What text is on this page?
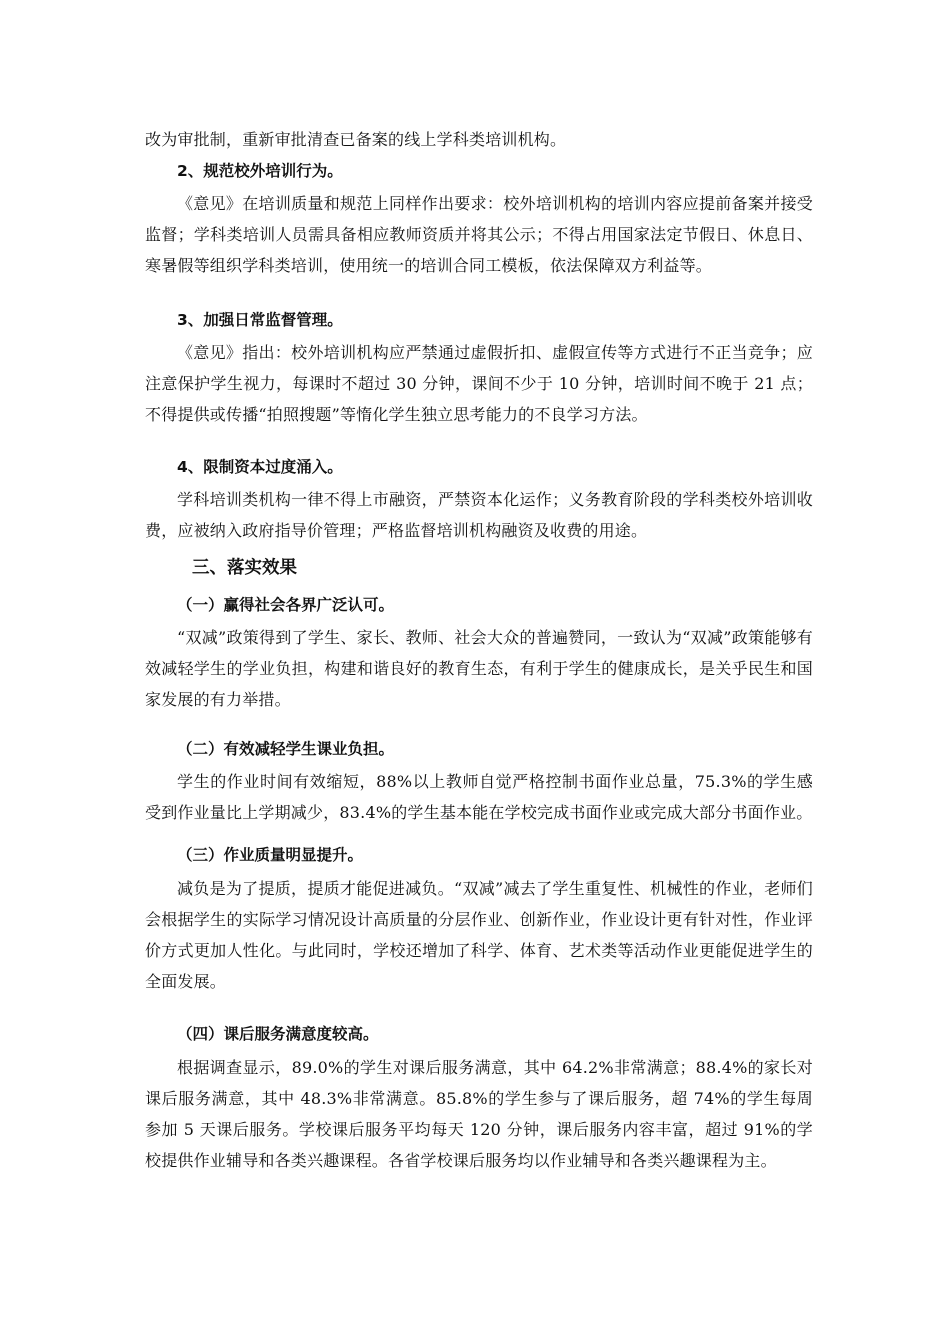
改为审批制，重新审批清查已备案的线上学科类培训机构。

2、规范校外培训行为。

《意见》在培训质量和规范上同样作出要求：校外培训机构的培训内容应提前备案并接受监督；学科类培训人员需具备相应教师资质并将其公示；不得占用国家法定节假日、休息日、寒暑假等组织学科类培训，使用统一的培训合同工模板，依法保障双方利益等。

3、加强日常监督管理。

《意见》指出：校外培训机构应严禁通过虚假折扣、虚假宣传等方式进行不正当竞争；应注意保护学生视力，每课时不超过 30 分钟，课间不少于 10 分钟，培训时间不晚于 21 点；不得提供或传播“拍照搜题”等惰化学生独立思考能力的不良学习方法。

4、限制资本过度涌入。

学科培训类机构一律不得上市融资，严禁资本化运作；义务教育阶段的学科类校外培训收费，应被纳入政府指导价管理；严格监督培训机构融资及收费的用途。

三、落实效果
（一）赢得社会各界广泛认可。

“双减”政策得到了学生、家长、教师、社会大众的普遍赞同，一致认为“双减”政策能够有效减轻学生的学业负担，构建和谐良好的教育生态，有利于学生的健康成长，是关乎民生和国家发展的有力举措。

（二）有效减轻学生课业负担。

学生的作业时间有效缩短，88%以上教师自觉严格控制书面作业总量，75.3%的学生感受到作业量比上学期减少，83.4%的学生基本能在学校完成书面作业或完成大部分书面作业。

（三）作业质量明显提升。

减负是为了提质，提质才能促进减负。“双减”减去了学生重复性、机械性的作业，老师们会根据学生的实际学习情况设计高质量的分层作业、创新作业，作业设计更有针对性，作业评价方式更加人性化。与此同时，学校还增加了科学、体育、艺术类等活动作业更能促进学生的全面发展。

（四）课后服务满意度较高。

根据调查显示，89.0%的学生对课后服务满意，其中 64.2%非常满意；88.4%的家长对课后服务满意，其中 48.3%非常满意。85.8%的学生参与了课后服务，超 74%的学生每周参加 5 天课后服务。学校课后服务平均每天 120 分钟，课后服务内容丰富，超过 91%的学校提供作业辅导和各类兴趣课程。各省学校课后服务均以作业辅导和各类兴趣课程为主。
